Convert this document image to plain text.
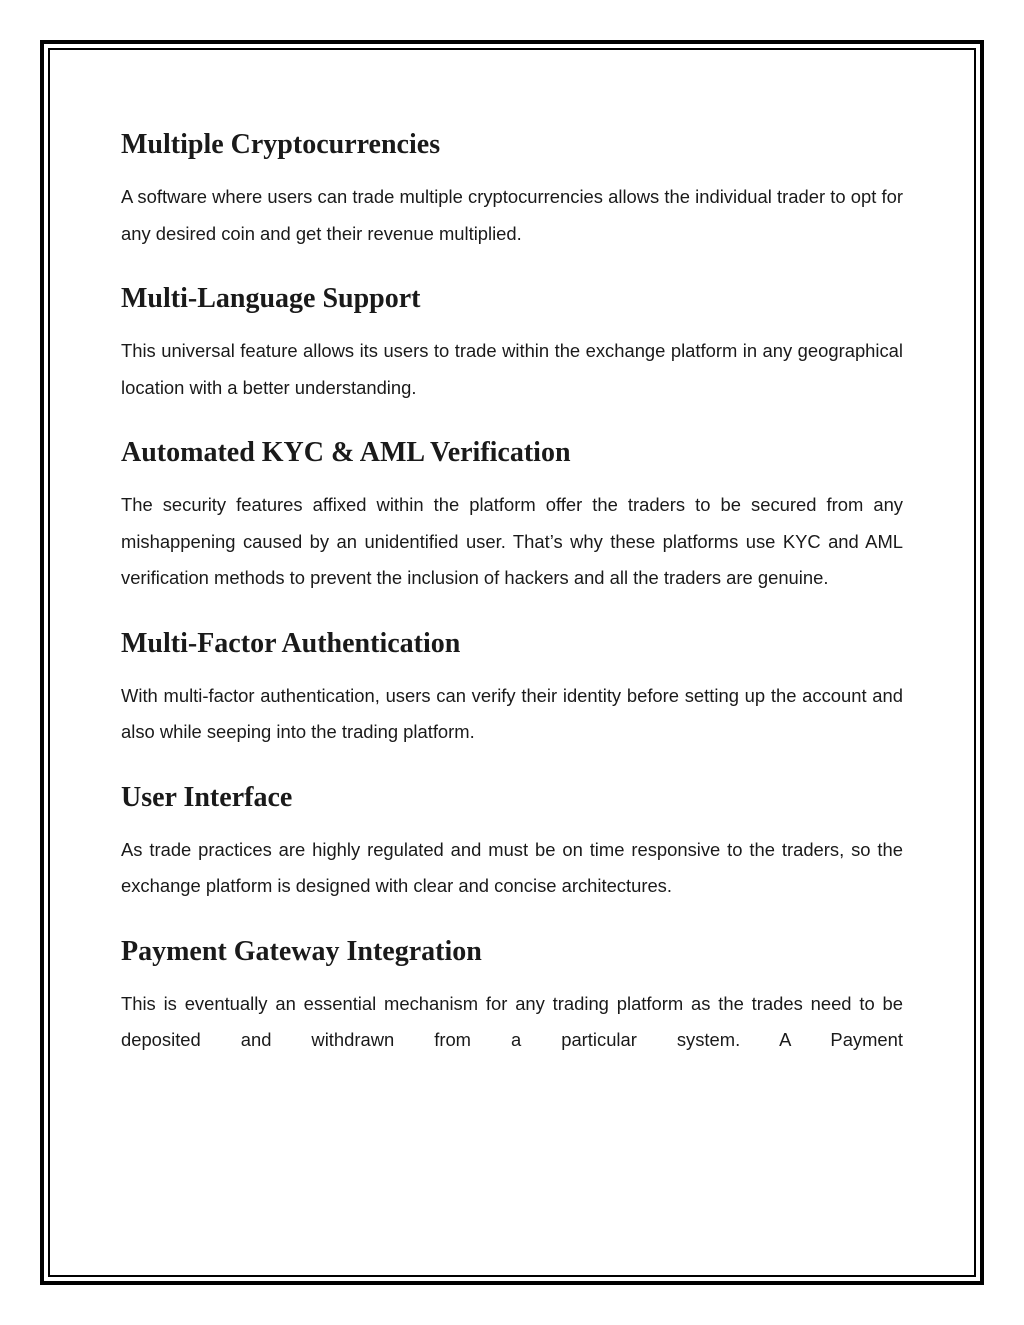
Multiple Cryptocurrencies

A software where users can trade multiple cryptocurrencies allows the individual trader to opt for any desired coin and get their revenue multiplied.

Multi-Language Support

This universal feature allows its users to trade within the exchange platform in any geographical location with a better understanding.

Automated KYC & AML Verification

The security features affixed within the platform offer the traders to be secured from any mishappening caused by an unidentified user. That’s why these platforms use KYC and AML verification methods to prevent the inclusion of hackers and all the traders are genuine.

Multi-Factor Authentication

With multi-factor authentication, users can verify their identity before setting up the account and also while seeping into the trading platform.

User Interface

As trade practices are highly regulated and must be on time responsive to the traders, so the exchange platform is designed with clear and concise architectures.

Payment Gateway Integration

This is eventually an essential mechanism for any trading platform as the trades need to be deposited and withdrawn from a particular system. A Payment
